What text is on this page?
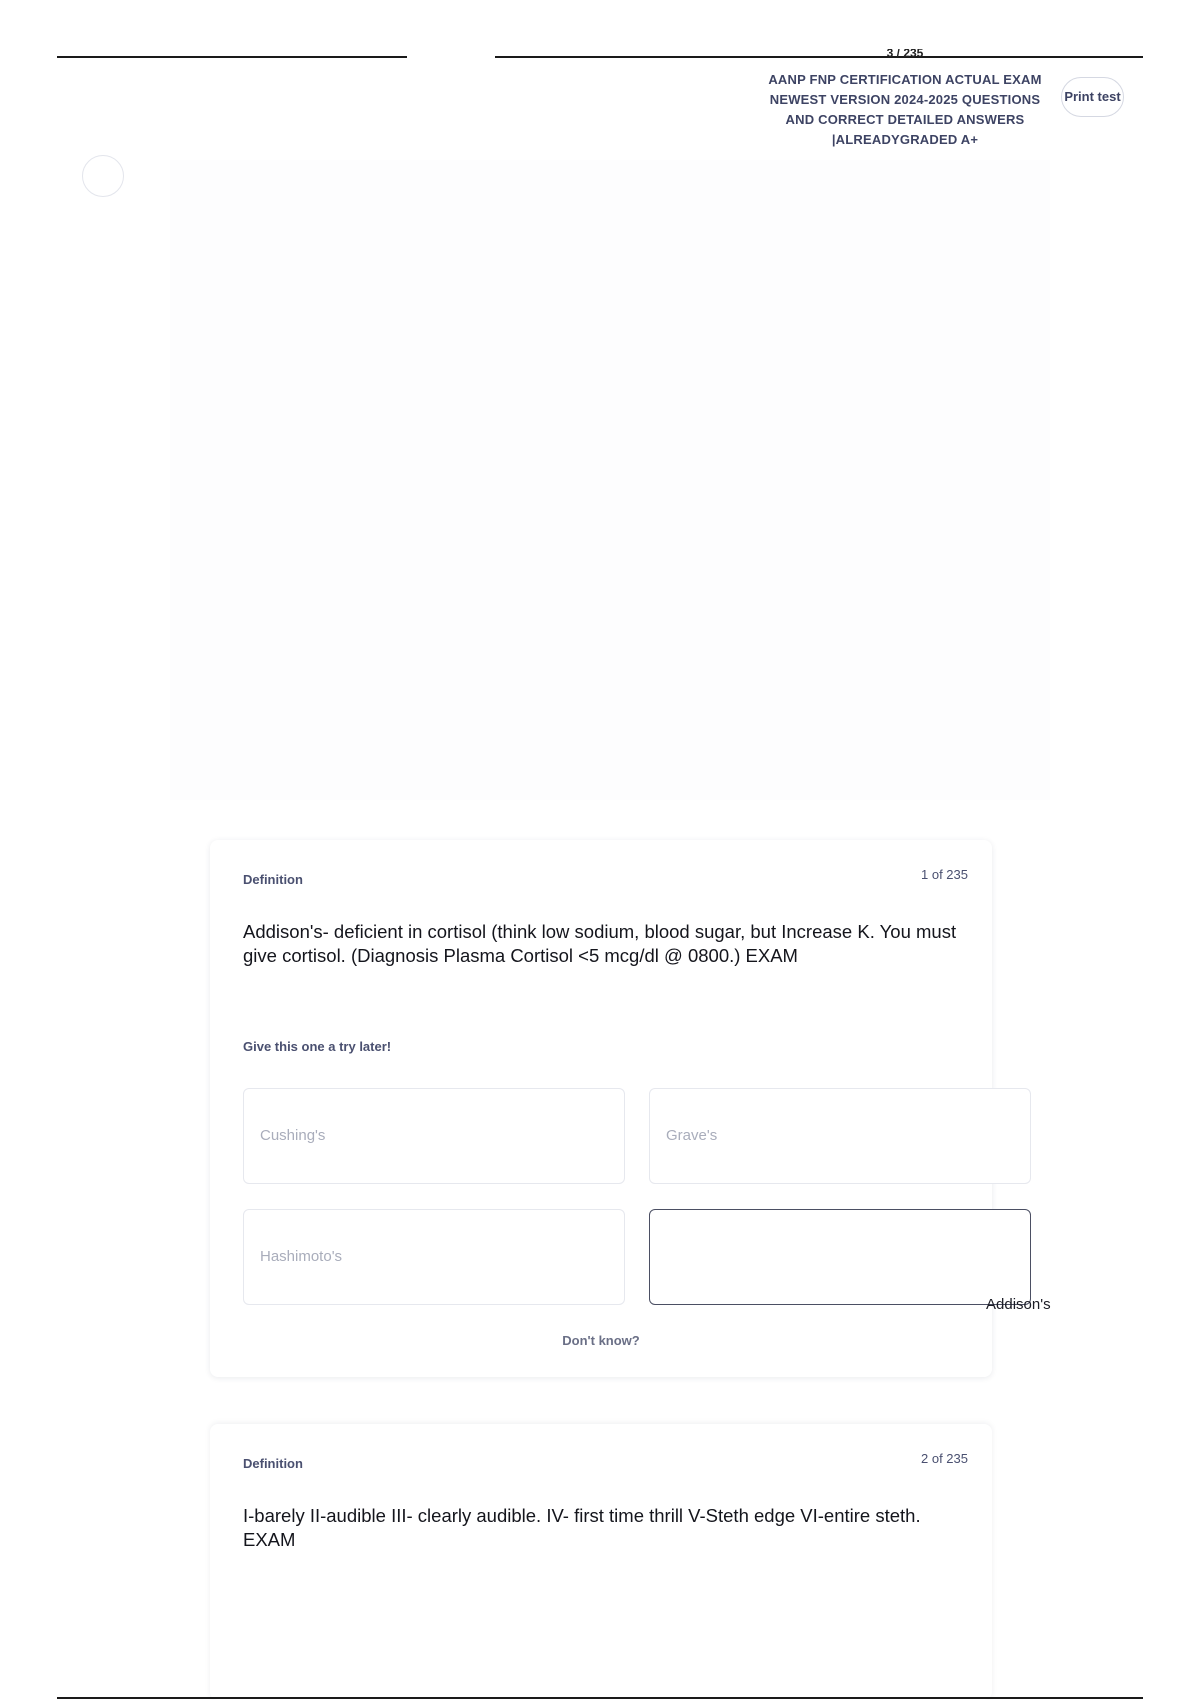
3 / 235
AANP FNP CERTIFICATION ACTUAL EXAM NEWEST VERSION 2024-2025 QUESTIONS AND CORRECT DETAILED ANSWERS |ALREADYGRADED A+
Print test
Definition	1 of 235
Addison's- deficient in cortisol (think low sodium, blood sugar, but Increase K. You must give cortisol. (Diagnosis Plasma Cortisol <5 mcg/dl @ 0800.) EXAM
Give this one a try later!
Cushing's	Grave's
Hashimoto's
Addison's
Don't know?
Definition	2 of 235
I-barely II-audible III- clearly audible. IV- first time thrill V-Steth edge VI-entire steth. EXAM
